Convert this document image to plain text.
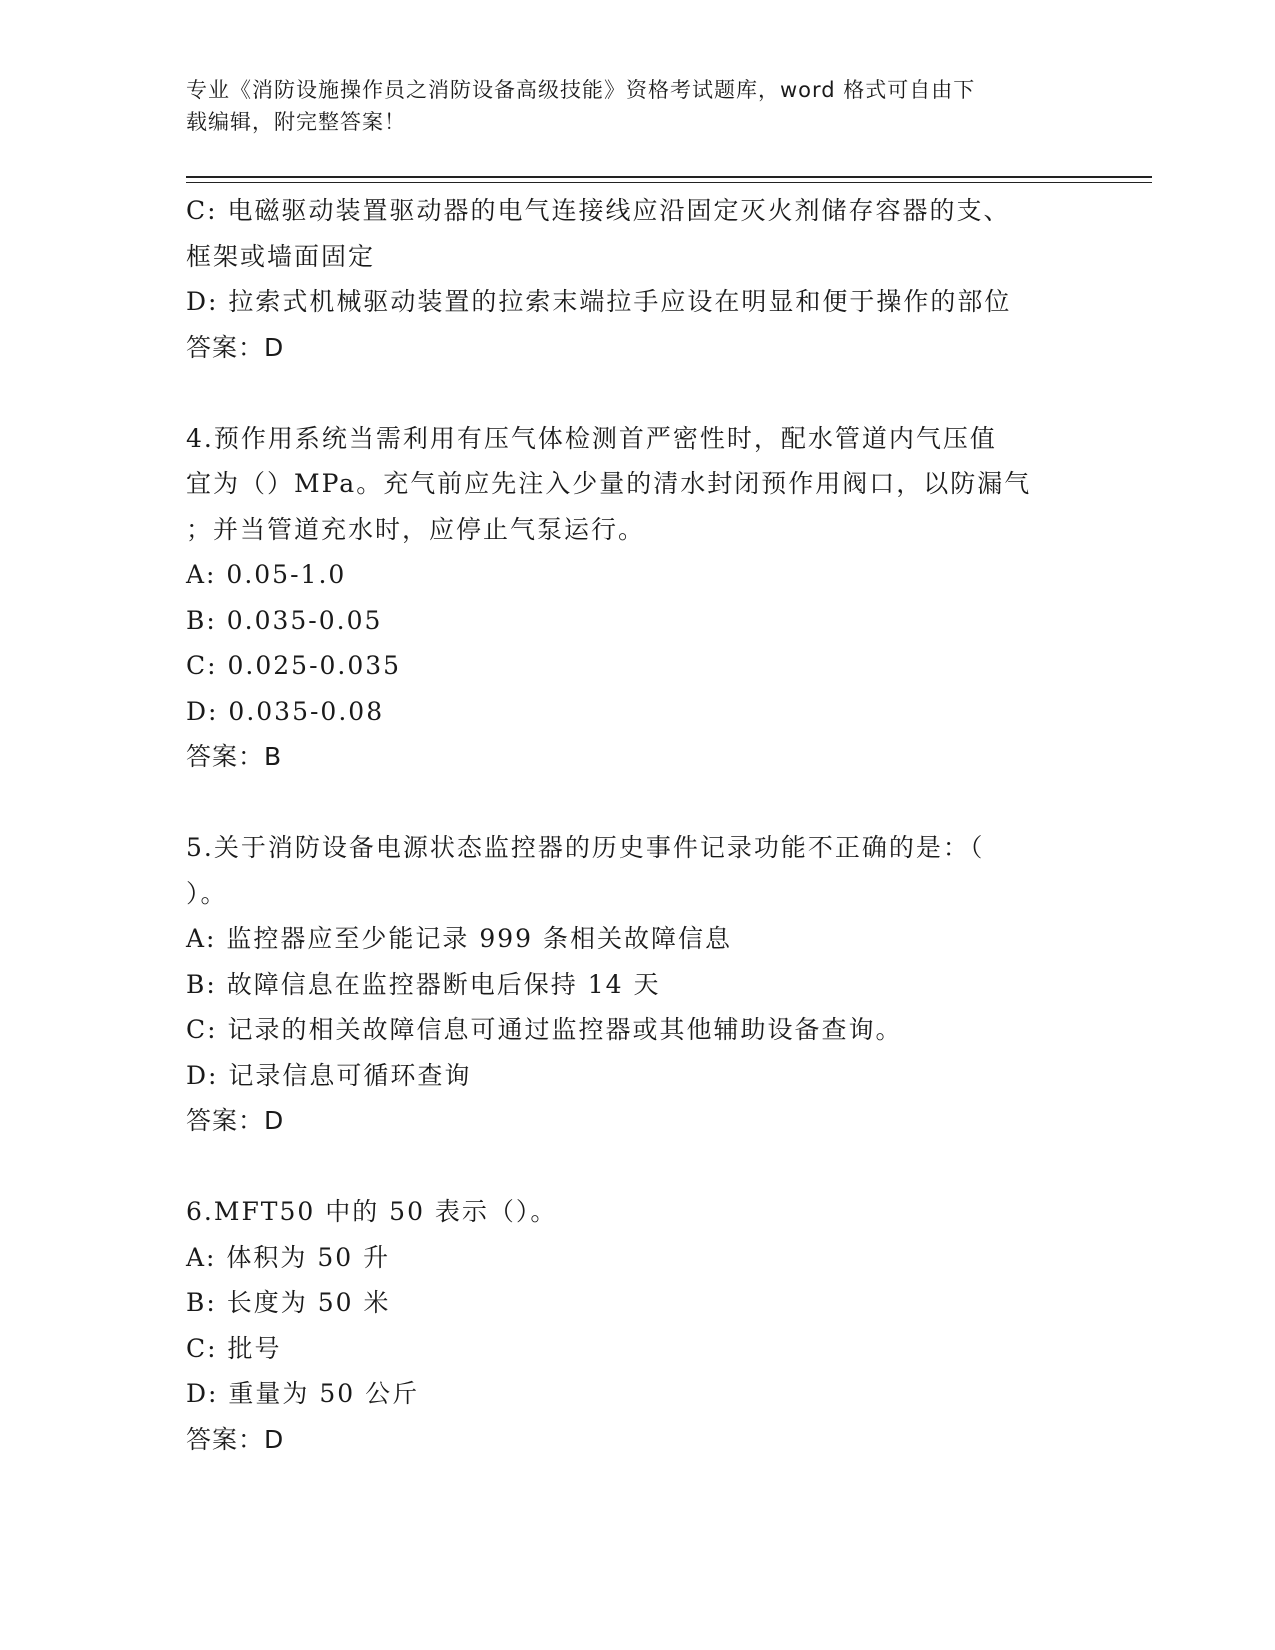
专业《消防设施操作员之消防设备高级技能》资格考试题库，word 格式可自由下
载编辑，附完整答案！
C: 电磁驱动装置驱动器的电气连接线应沿固定灭火剂储存容器的支、
框架或墙面固定
D: 拉索式机械驱动装置的拉索末端拉手应设在明显和便于操作的部位
答案：D
4.预作用系统当需利用有压气体检测首严密性时，配水管道内气压值
宜为（）MPa。充气前应先注入少量的清水封闭预作用阀口，以防漏气
；并当管道充水时，应停止气泵运行。
A: 0.05-1.0
B: 0.035-0.05
C: 0.025-0.035
D: 0.035-0.08
答案：B
5.关于消防设备电源状态监控器的历史事件记录功能不正确的是：（
）。
A: 监控器应至少能记录 999 条相关故障信息
B: 故障信息在监控器断电后保持 14 天
C: 记录的相关故障信息可通过监控器或其他辅助设备查询。
D: 记录信息可循环查询
答案：D
6.MFT50 中的 50 表示（）。
A: 体积为 50 升
B: 长度为 50 米
C: 批号
D: 重量为 50 公斤
答案：D
